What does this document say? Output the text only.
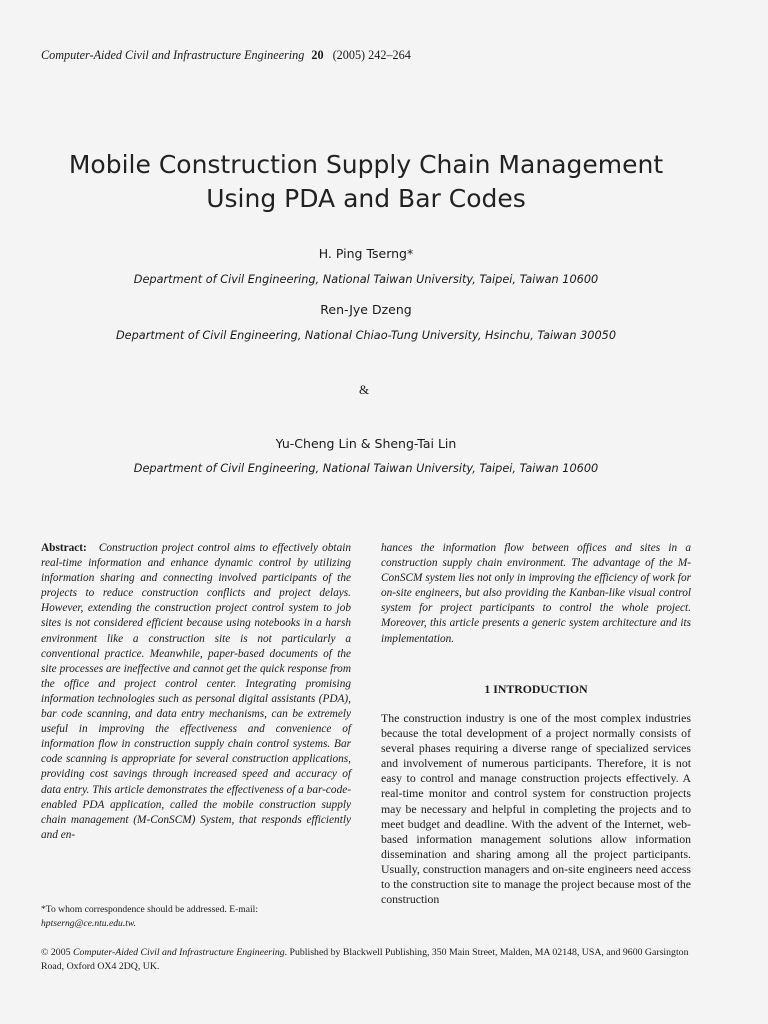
Computer-Aided Civil and Infrastructure Engineering 20 (2005) 242–264
Mobile Construction Supply Chain Management
Using PDA and Bar Codes
H. Ping Tserng*
Department of Civil Engineering, National Taiwan University, Taipei, Taiwan 10600
Ren-Jye Dzeng
Department of Civil Engineering, National Chiao-Tung University, Hsinchu, Taiwan 30050
&
Yu-Cheng Lin & Sheng-Tai Lin
Department of Civil Engineering, National Taiwan University, Taipei, Taiwan 10600

Abstract: Construction project control aims to effectively obtain real-time information and enhance dynamic control by utilizing information sharing and connecting involved participants of the projects to reduce construction conflicts and project delays. However, extending the construction project control system to job sites is not considered efficient because using notebooks in a harsh environment like a construction site is not particularly a conventional practice. Meanwhile, paper-based documents of the site processes are ineffective and cannot get the quick response from the office and project control center. Integrating promising information technologies such as personal digital assistants (PDA), bar code scanning, and data entry mechanisms, can be extremely useful in improving the effectiveness and convenience of information flow in construction supply chain control systems. Bar code scanning is appropriate for several construction applications, providing cost savings through increased speed and accuracy of data entry. This article demonstrates the effectiveness of a bar-code-enabled PDA application, called the mobile construction supply chain management (M-ConSCM) System, that responds efficiently and en-

hances the information flow between offices and sites in a construction supply chain environment. The advantage of the M-ConSCM system lies not only in improving the efficiency of work for on-site engineers, but also providing the Kanban-like visual control system for project participants to control the whole project. Moreover, this article presents a generic system architecture and its implementation.

1 INTRODUCTION
The construction industry is one of the most complex industries because the total development of a project normally consists of several phases requiring a diverse range of specialized services and involvement of numerous participants. Therefore, it is not easy to control and manage construction projects effectively. A real-time monitor and control system for construction projects may be necessary and helpful in completing the projects and to meet budget and deadline. With the advent of the Internet, web-based information management solutions allow information dissemination and sharing among all the project participants. Usually, construction managers and on-site engineers need access to the construction site to manage the project because most of the construction
*To whom correspondence should be addressed. E-mail: hptserng@ce.ntu.edu.tw.
© 2005 Computer-Aided Civil and Infrastructure Engineering. Published by Blackwell Publishing, 350 Main Street, Malden, MA 02148, USA, and 9600 Garsington Road, Oxford OX4 2DQ, UK.
